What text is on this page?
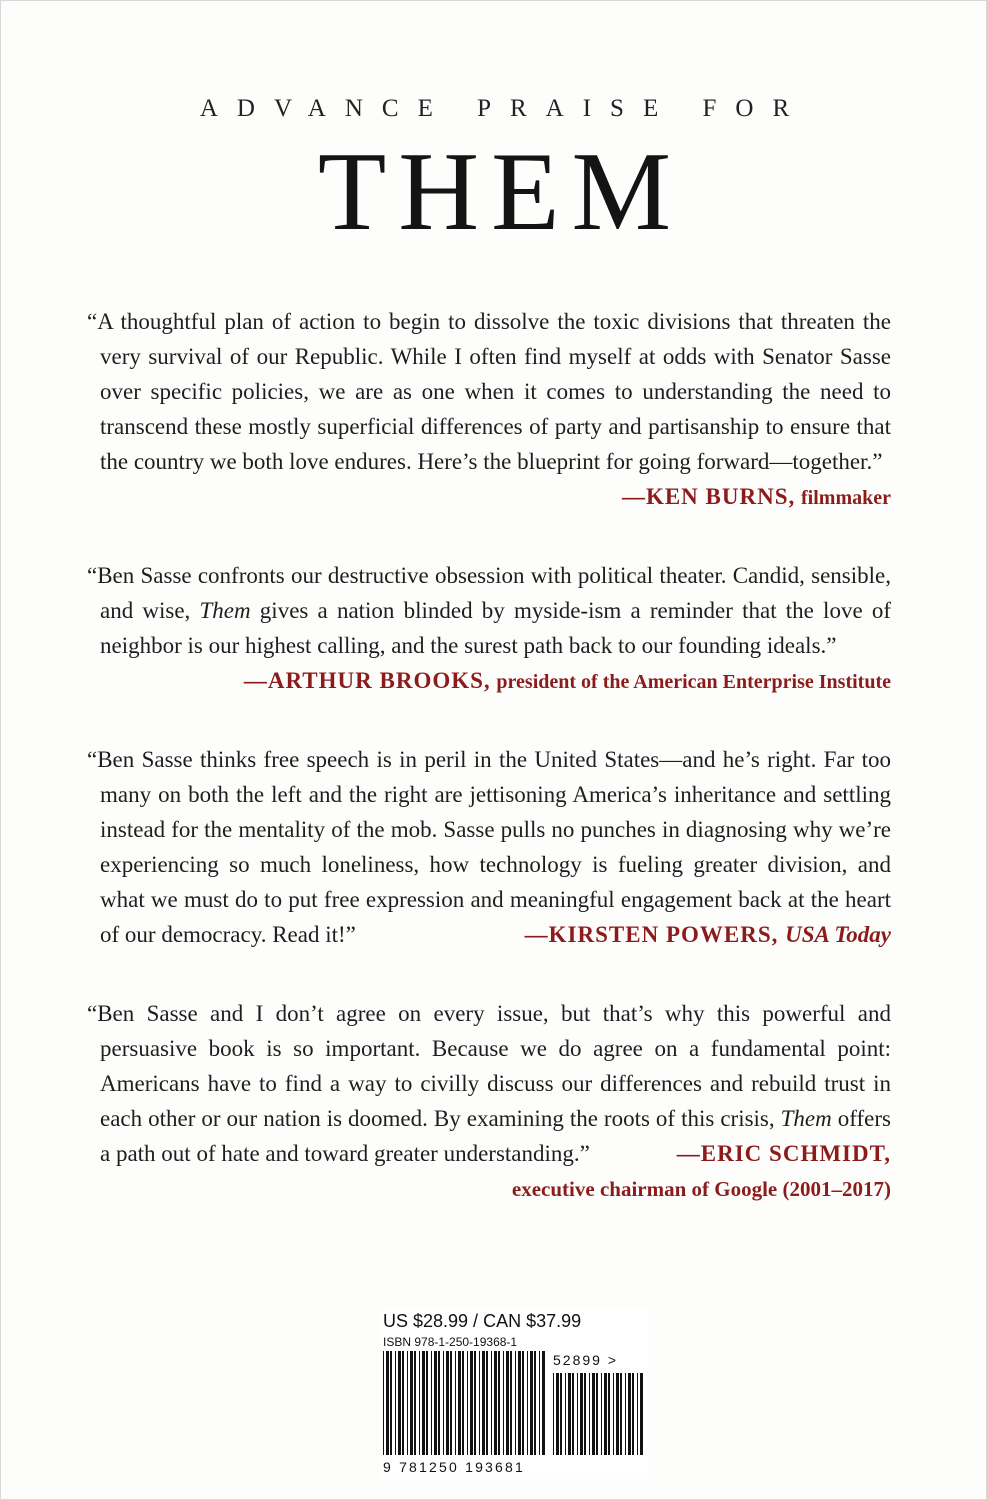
ADVANCE PRAISE FOR
THEM

“A thoughtful plan of action to begin to dissolve the toxic divisions that threaten the very survival of our Republic. While I often find myself at odds with Senator Sasse over specific policies, we are as one when it comes to understanding the need to transcend these mostly superficial differences of party and partisanship to ensure that the country we both love endures. Here’s the blueprint for going forward—together.”

—KEN BURNS, filmmaker

“Ben Sasse confronts our destructive obsession with political theater. Candid, sensible, and wise, Them gives a nation blinded by myside-ism a reminder that the love of neighbor is our highest calling, and the surest path back to our founding ideals.”

—ARTHUR BROOKS, president of the American Enterprise Institute

“Ben Sasse thinks free speech is in peril in the United States—and he’s right. Far too many on both the left and the right are jettisoning America’s inheritance and settling instead for the mentality of the mob. Sasse pulls no punches in diagnosing why we’re experiencing so much loneliness, how technology is fueling greater division, and what we must do to put free expression and meaningful engagement back at the heart of our democracy. Read it!”	—KIRSTEN POWERS, USA Today

“Ben Sasse and I don’t agree on every issue, but that’s why this powerful and persuasive book is so important. Because we do agree on a fundamental point: Americans have to find a way to civilly discuss our differences and rebuild trust in each other or our nation is doomed. By examining the roots of this crisis, Them offers a path out of hate and toward greater understanding.”	—ERIC SCHMIDT,

executive chairman of Google (2001–2017)

US $28.99 / CAN $37.99
ISBN 978-1-250-19368-1
52899 >
9 781250 193681
